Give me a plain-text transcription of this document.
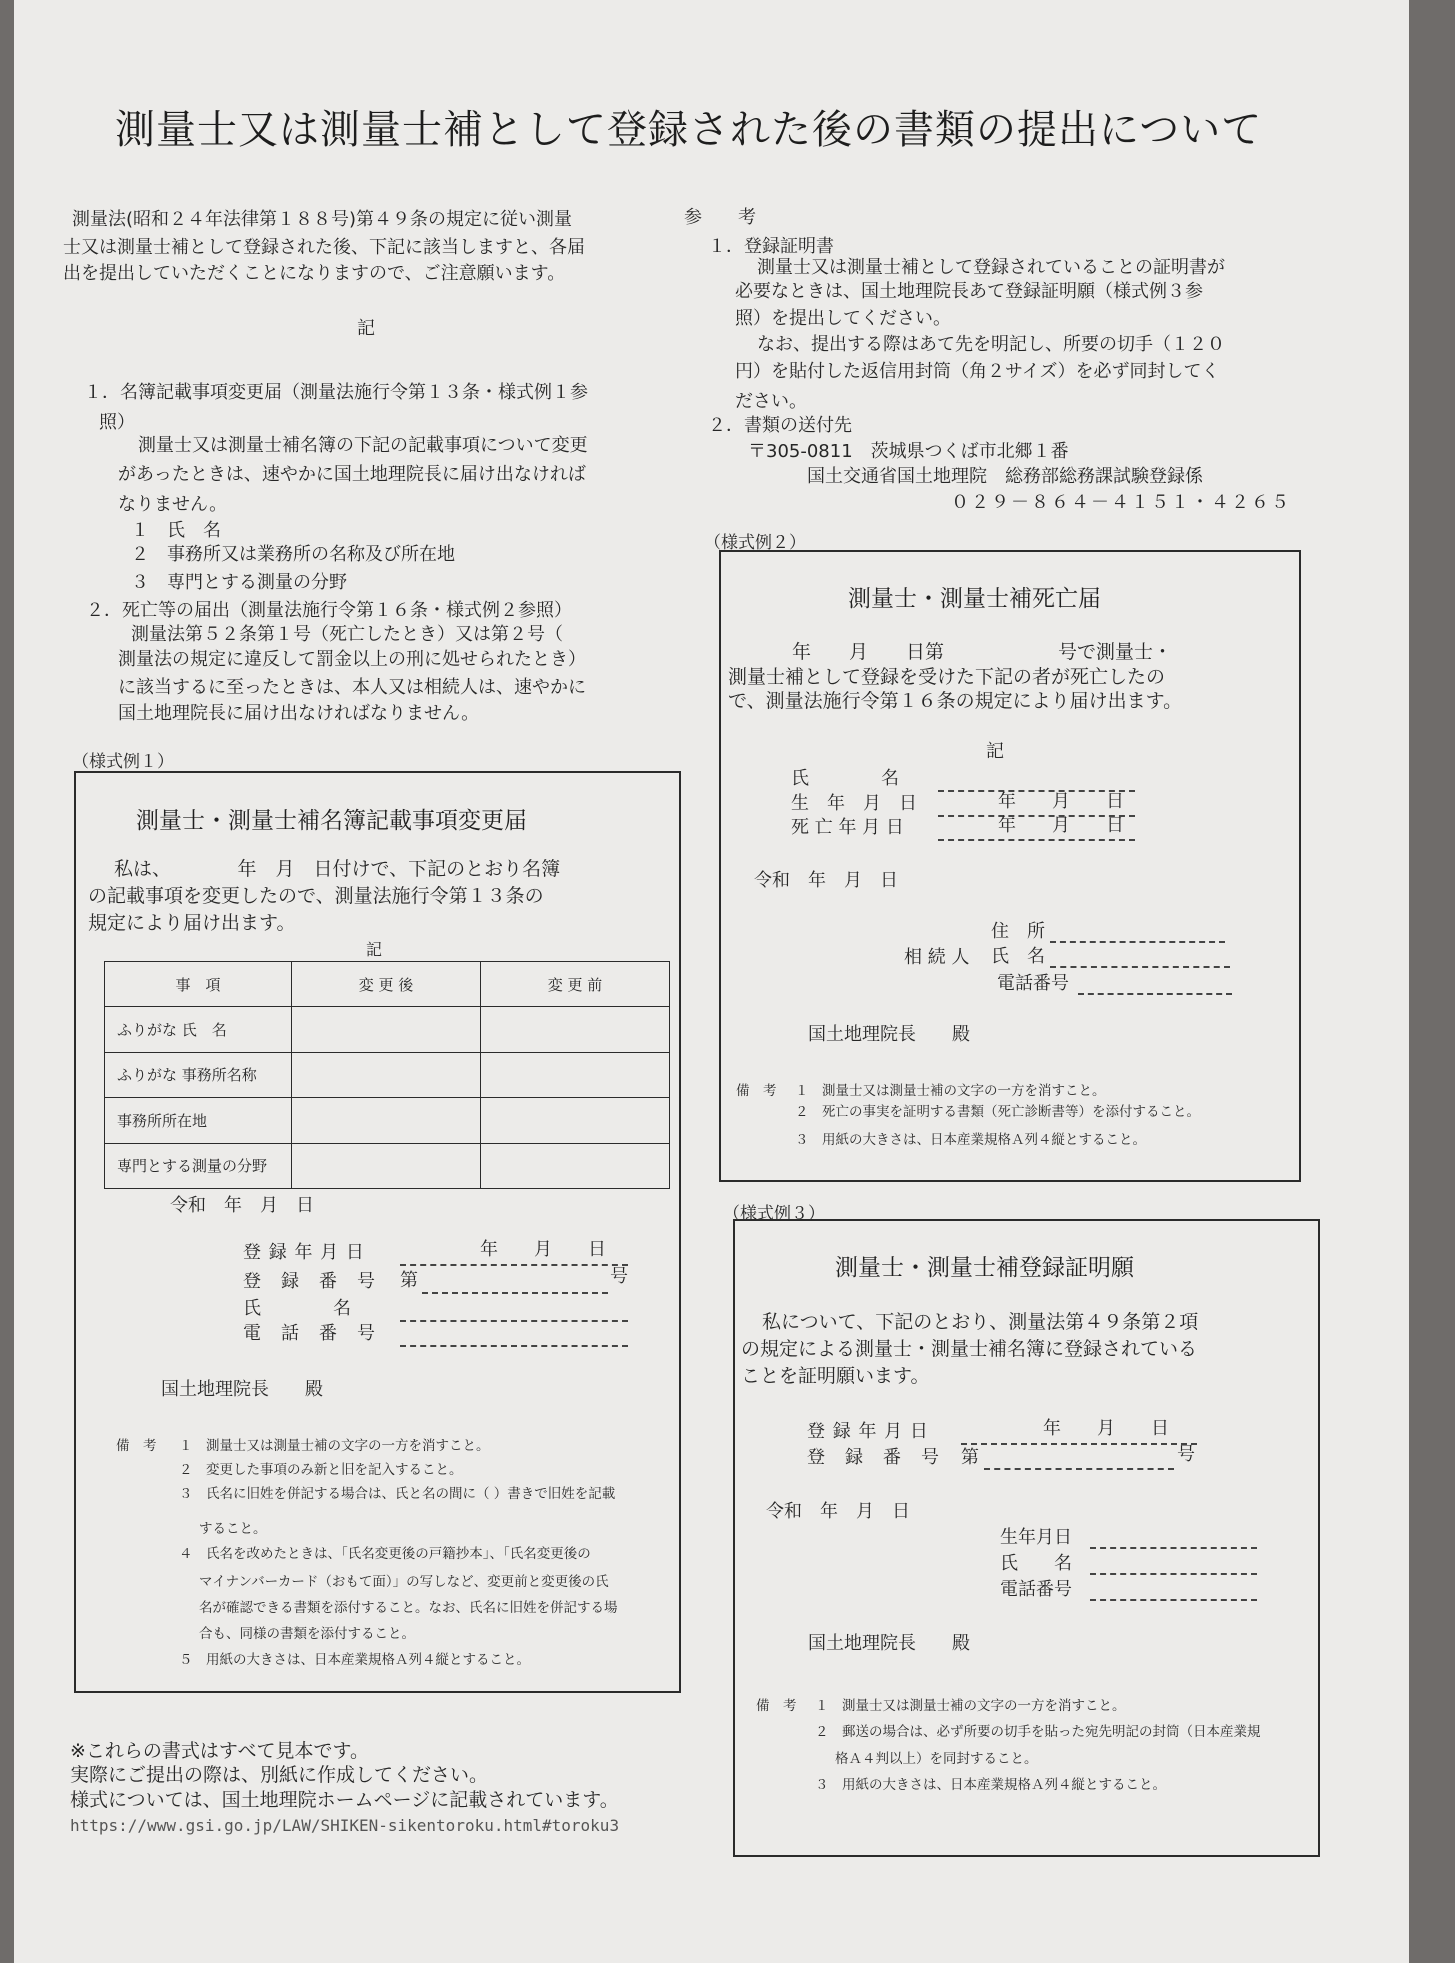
測量士又は測量士補として登録された後の書類の提出について

測量法(昭和２４年法律第１８８号)第４９条の規定に従い測量

士又は測量士補として登録された後、下記に該当しますと、各届

出を提出していただくことになりますので、ご注意願います。

記

１．名簿記載事項変更届（測量法施行令第１３条・様式例１参

照）

測量士又は測量士補名簿の下記の記載事項について変更

があったときは、速やかに国土地理院長に届け出なければ

なりません。

１　氏　名

２　事務所又は業務所の名称及び所在地

３　専門とする測量の分野

２．死亡等の届出（測量法施行令第１６条・様式例２参照）

測量法第５２条第１号（死亡したとき）又は第２号（

測量法の規定に違反して罰金以上の刑に処せられたとき）

に該当するに至ったときは、本人又は相続人は、速やかに

国土地理院長に届け出なければなりません。

参　　考

１．登録証明書

測量士又は測量士補として登録されていることの証明書が

必要なときは、国土地理院長あて登録証明願（様式例３参

照）を提出してください。

なお、提出する際はあて先を明記し、所要の切手（１２０

円）を貼付した返信用封筒（角２サイズ）を必ず同封してく

ださい。

２．書類の送付先

〒305-0811　茨城県つくば市北郷１番

国土交通省国土地理院　総務部総務課試験登録係

０２９－８６４－４１５１・４２６５

（様式例１）

測量士・測量士補名簿記載事項変更届

私は、　　　　年　月　日付けで、下記のとおり名簿

の記載事項を変更したので、測量法施行令第１３条の

規定により届け出ます。

記

事　項	変 更 後	変 更 前
ふりがな 氏　名		
ふりがな 事務所名称		
事務所所在地		
専門とする測量の分野		

令和　年　月　日

登 録 年 月 日	年　　月　　日

登　録　番　号 第	号

氏　　　　名

電　話　番　号

国土地理院長　　殿

備　考 １　測量士又は測量士補の文字の一方を消すこと。

２　変更した事項のみ新と旧を記入すること。

３　氏名に旧姓を併記する場合は、氏と名の間に（ ）書きで旧姓を記載

すること。

４　氏名を改めたときは、「氏名変更後の戸籍抄本」、「氏名変更後の

マイナンバーカード（おもて面）」の写しなど、変更前と変更後の氏

名が確認できる書類を添付すること。なお、氏名に旧姓を併記する場

合も、同様の書類を添付すること。

５　用紙の大きさは、日本産業規格Ａ列４縦とすること。

（様式例２）

測量士・測量士補死亡届

年　　月　　日第　　　　　　号で測量士・

測量士補として登録を受けた下記の者が死亡したの

で、測量法施行令第１６条の規定により届け出ます。

記

氏　　　　名

生　年　月　日	年　　月　　日

死 亡 年 月 日	年　　月　　日

令和　年　月　日

相 続 人

住　所

氏　名

電話番号

国土地理院長　　殿

備　考 １　測量士又は測量士補の文字の一方を消すこと。

２　死亡の事実を証明する書類（死亡診断書等）を添付すること。

３　用紙の大きさは、日本産業規格Ａ列４縦とすること。

（様式例３）

測量士・測量士補登録証明願

私について、下記のとおり、測量法第４９条第２項

の規定による測量士・測量士補名簿に登録されている

ことを証明願います。

登 録 年 月 日	年　　月　　日

登　録　番　号 第	号

令和　年　月　日

生年月日

氏　　名

電話番号

国土地理院長　　殿

備　考 １　測量士又は測量士補の文字の一方を消すこと。

２　郵送の場合は、必ず所要の切手を貼った宛先明記の封筒（日本産業規

格Ａ４判以上）を同封すること。

３　用紙の大きさは、日本産業規格Ａ列４縦とすること。

※これらの書式はすべて見本です。

実際にご提出の際は、別紙に作成してください。

様式については、国土地理院ホームページに記載されています。

https://www.gsi.go.jp/LAW/SHIKEN-sikentoroku.html#toroku3
